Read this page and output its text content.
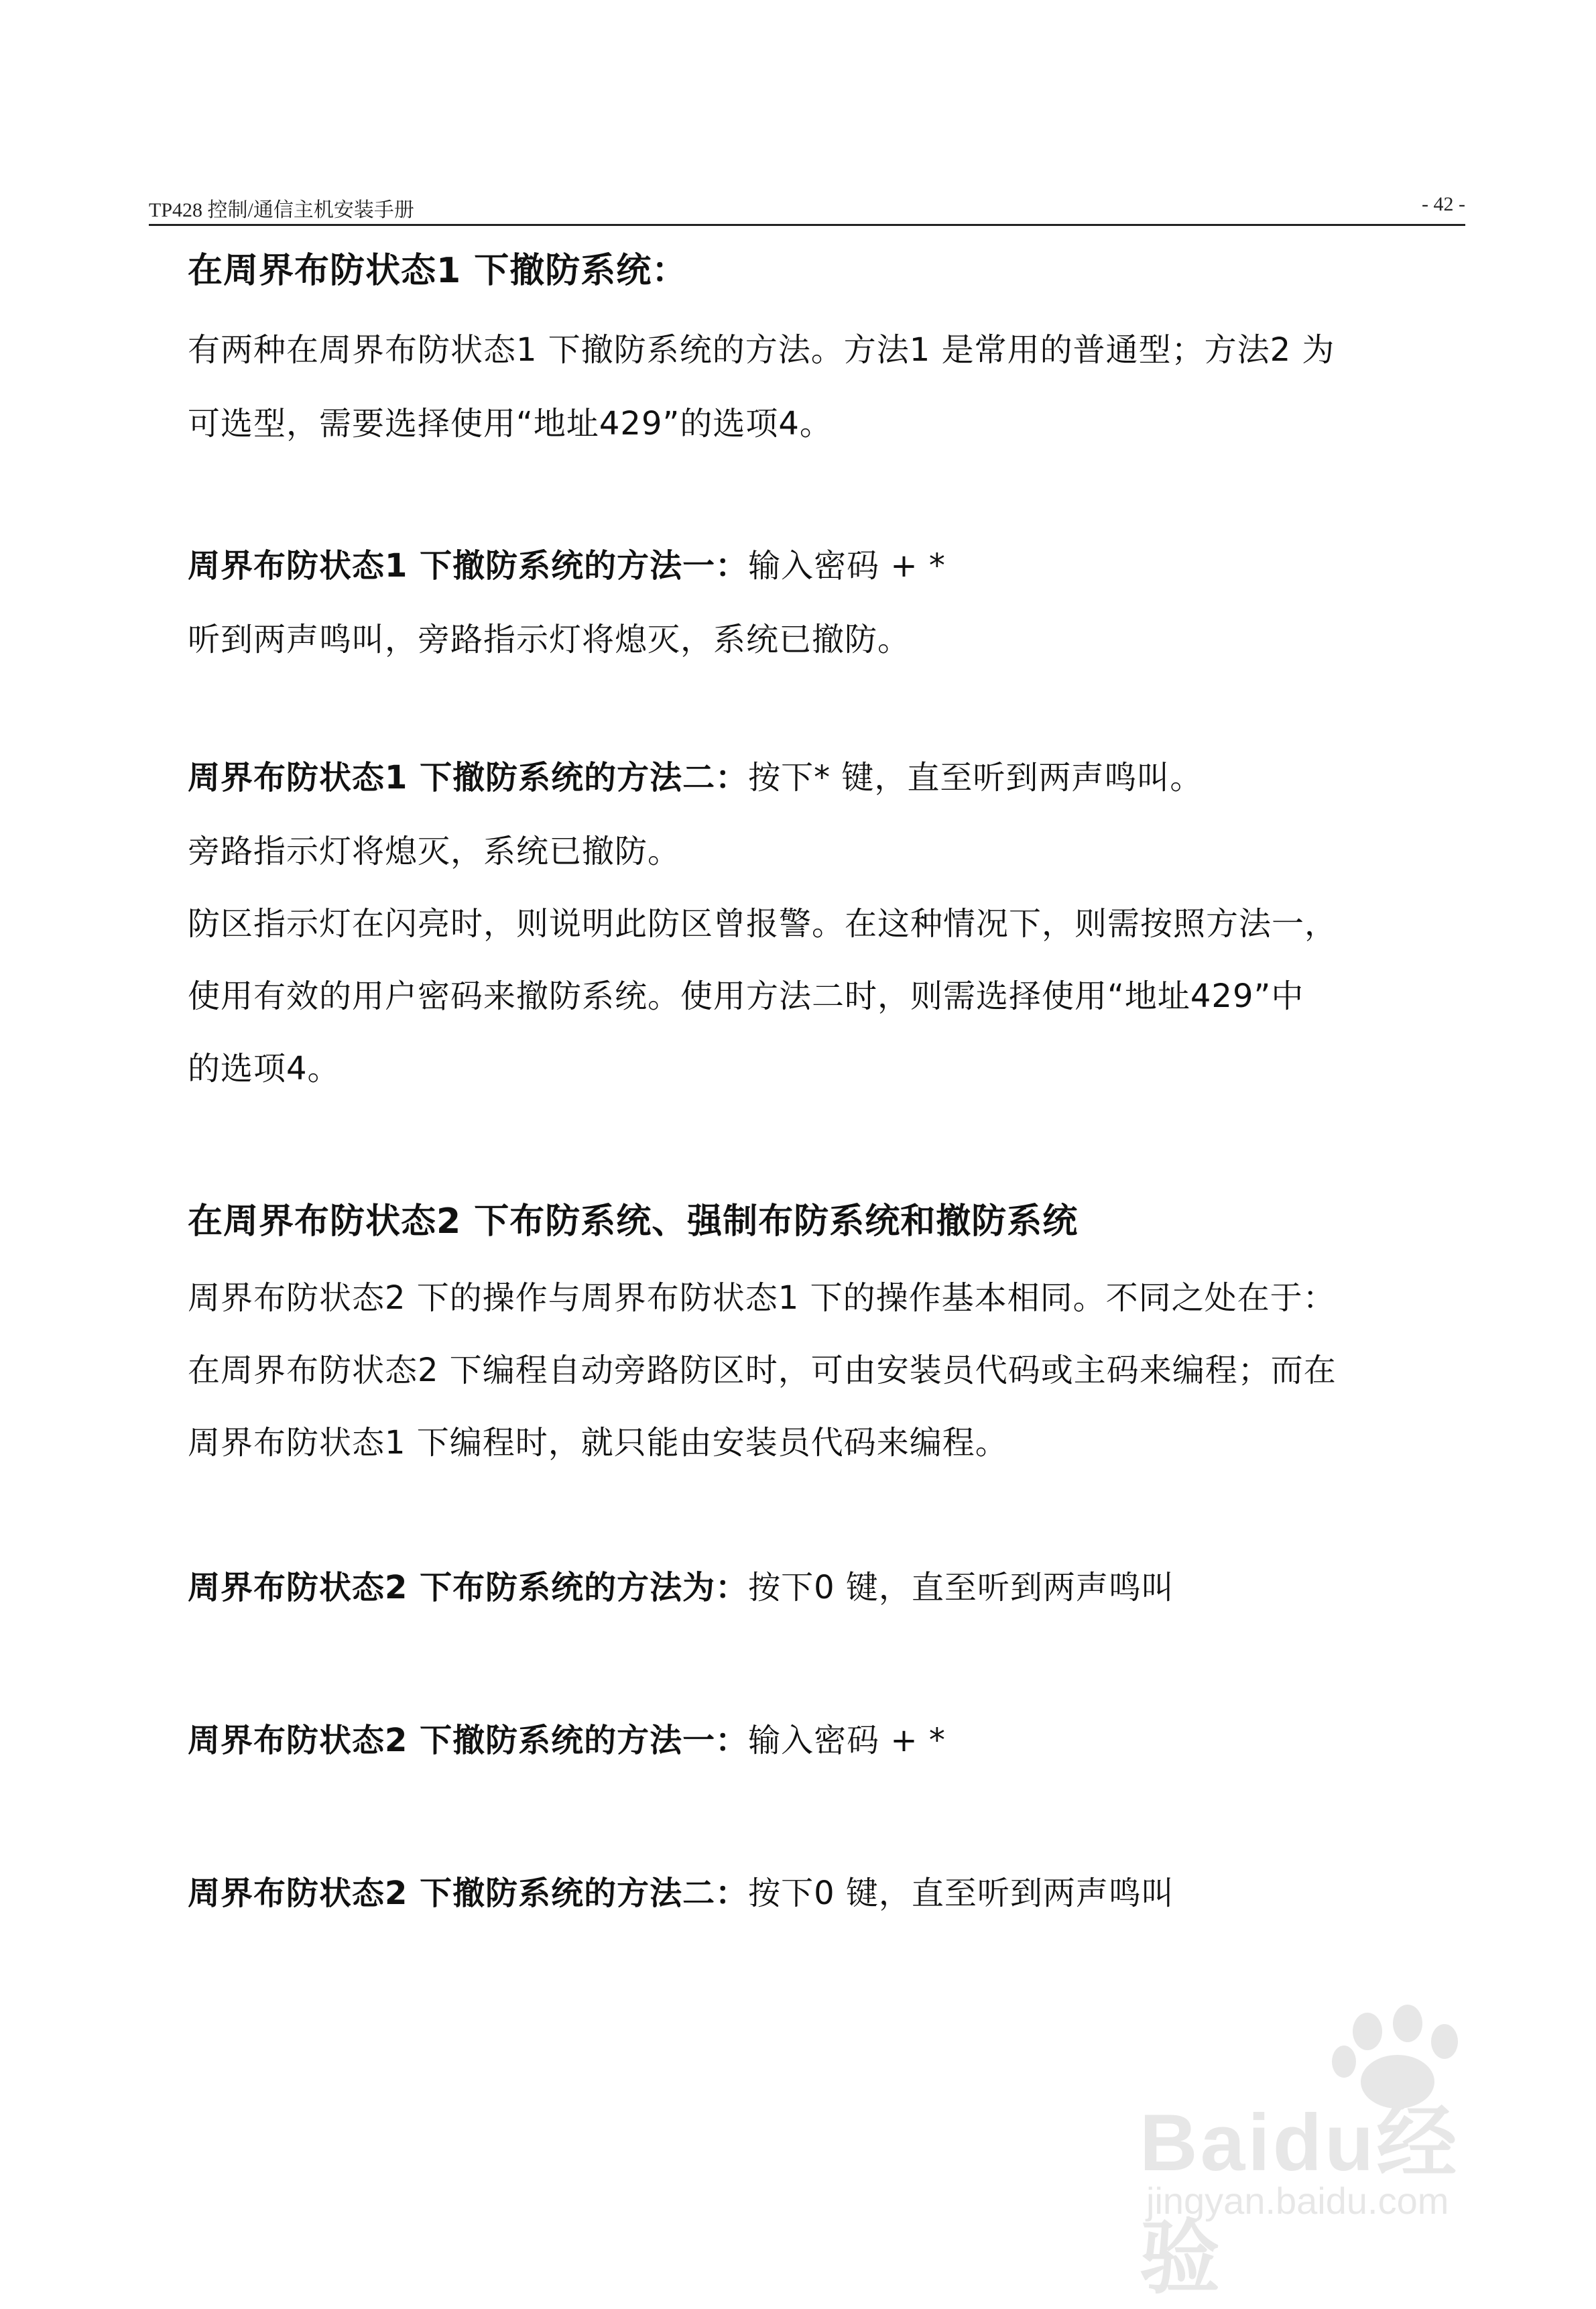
TP428 控制/通信主机安装手册	- 42 -
在周界布防状态1 下撤防系统：
有两种在周界布防状态1 下撤防系统的方法。方法1 是常用的普通型；方法2 为
可选型，需要选择使用“地址429”的选项4。
周界布防状态1 下撤防系统的方法一：输入密码 + *
听到两声鸣叫，旁路指示灯将熄灭，系统已撤防。
周界布防状态1 下撤防系统的方法二：按下* 键，直至听到两声鸣叫。
旁路指示灯将熄灭，系统已撤防。
防区指示灯在闪亮时，则说明此防区曾报警。在这种情况下，则需按照方法一，
使用有效的用户密码来撤防系统。使用方法二时，则需选择使用“地址429”中
的选项4。
在周界布防状态2 下布防系统、强制布防系统和撤防系统
周界布防状态2 下的操作与周界布防状态1 下的操作基本相同。不同之处在于：
在周界布防状态2 下编程自动旁路防区时，可由安装员代码或主码来编程；而在
周界布防状态1 下编程时，就只能由安装员代码来编程。
周界布防状态2 下布防系统的方法为：按下0 键，直至听到两声鸣叫
周界布防状态2 下撤防系统的方法一：输入密码 + *
周界布防状态2 下撤防系统的方法二：按下0 键，直至听到两声鸣叫
Baidu经验
jingyan.baidu.com
